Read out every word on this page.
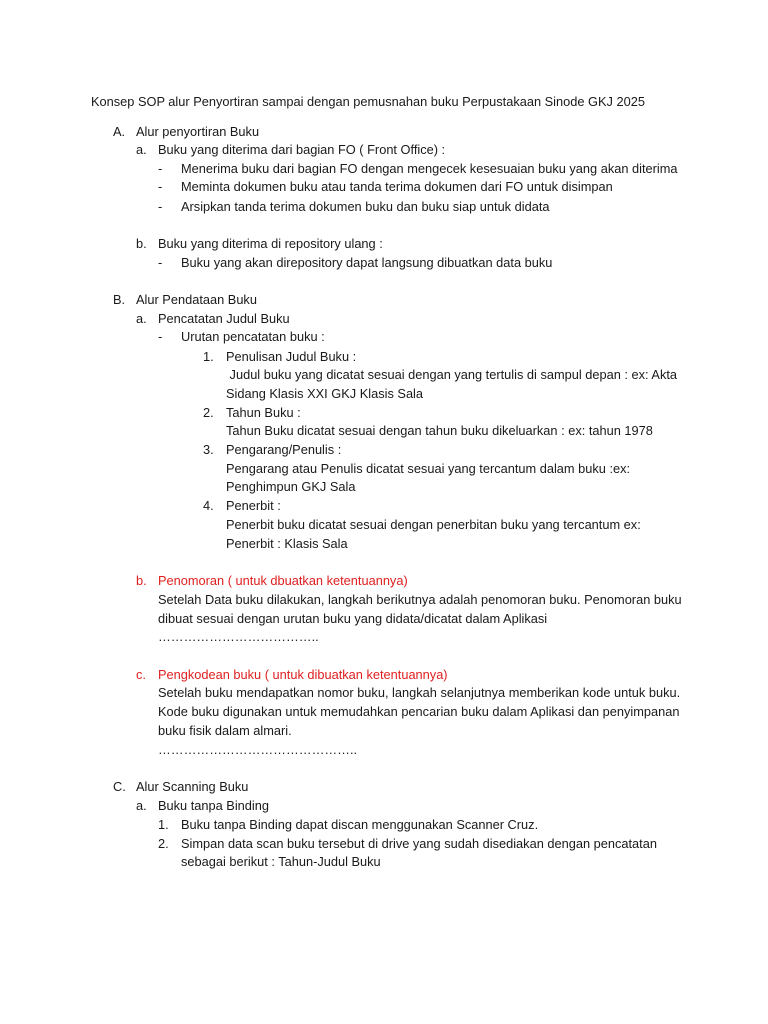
Konsep SOP alur Penyortiran sampai dengan pemusnahan buku Perpustakaan Sinode GKJ 2025
A. Alur penyortiran Buku
a. Buku yang diterima dari bagian FO ( Front Office) :
- Menerima buku dari bagian FO dengan mengecek kesesuaian buku yang akan diterima
- Meminta dokumen buku atau tanda terima dokumen dari FO untuk disimpan
- Arsipkan tanda terima dokumen buku dan buku siap untuk didata
b. Buku yang diterima di repository ulang :
- Buku yang akan direpository dapat langsung dibuatkan data buku
B. Alur Pendataan Buku
a. Pencatatan Judul Buku
- Urutan pencatatan buku :
1. Penulisan Judul Buku :
Judul buku yang dicatat sesuai dengan yang tertulis di sampul depan : ex: Akta
Sidang Klasis XXI GKJ Klasis Sala
2. Tahun Buku :
Tahun Buku dicatat sesuai dengan tahun buku dikeluarkan : ex: tahun 1978
3. Pengarang/Penulis :
Pengarang atau Penulis dicatat sesuai yang tercantum dalam buku :ex:
Penghimpun GKJ Sala
4. Penerbit :
Penerbit buku dicatat sesuai dengan penerbitan buku yang tercantum ex:
Penerbit : Klasis Sala
b. Penomoran ( untuk dbuatkan ketentuannya)
Setelah Data buku dilakukan, langkah berikutnya adalah penomoran buku. Penomoran buku
dibuat sesuai dengan urutan buku yang didata/dicatat dalam Aplikasi
………………………………..
c. Pengkodean buku ( untuk dibuatkan ketentuannya)
Setelah buku mendapatkan nomor buku, langkah selanjutnya memberikan kode untuk buku.
Kode buku digunakan untuk memudahkan pencarian buku dalam Aplikasi dan penyimpanan
buku fisik dalam almari.
………………………………………..
C. Alur Scanning Buku
a. Buku tanpa Binding
1. Buku tanpa Binding dapat discan menggunakan Scanner Cruz.
2. Simpan data scan buku tersebut di drive yang sudah disediakan dengan pencatatan
sebagai berikut : Tahun-Judul Buku
